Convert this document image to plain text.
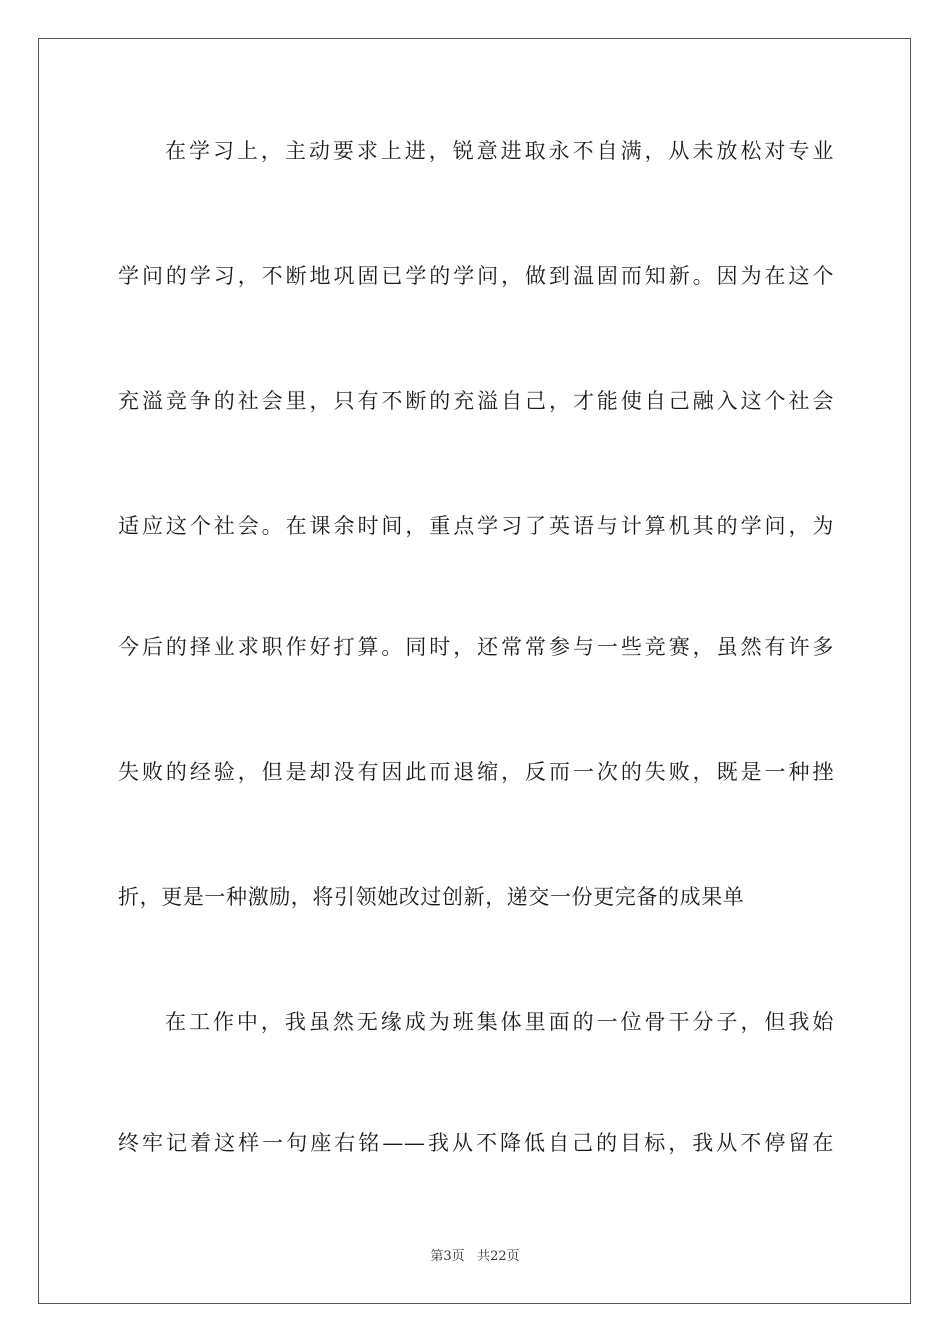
在学习上，主动要求上进，锐意进取永不自满，从未放松对专业
学问的学习，不断地巩固已学的学问，做到温固而知新。因为在这个
充溢竞争的社会里，只有不断的充溢自己，才能使自己融入这个社会
适应这个社会。在课余时间，重点学习了英语与计算机其的学问，为
今后的择业求职作好打算。同时，还常常参与一些竞赛，虽然有许多
失败的经验，但是却没有因此而退缩，反而一次的失败，既是一种挫
折，更是一种激励，将引领她改过创新，递交一份更完备的成果单
在工作中，我虽然无缘成为班集体里面的一位骨干分子，但我始
终牢记着这样一句座右铭——我从不降低自己的目标，我从不停留在
第3页 共22页
